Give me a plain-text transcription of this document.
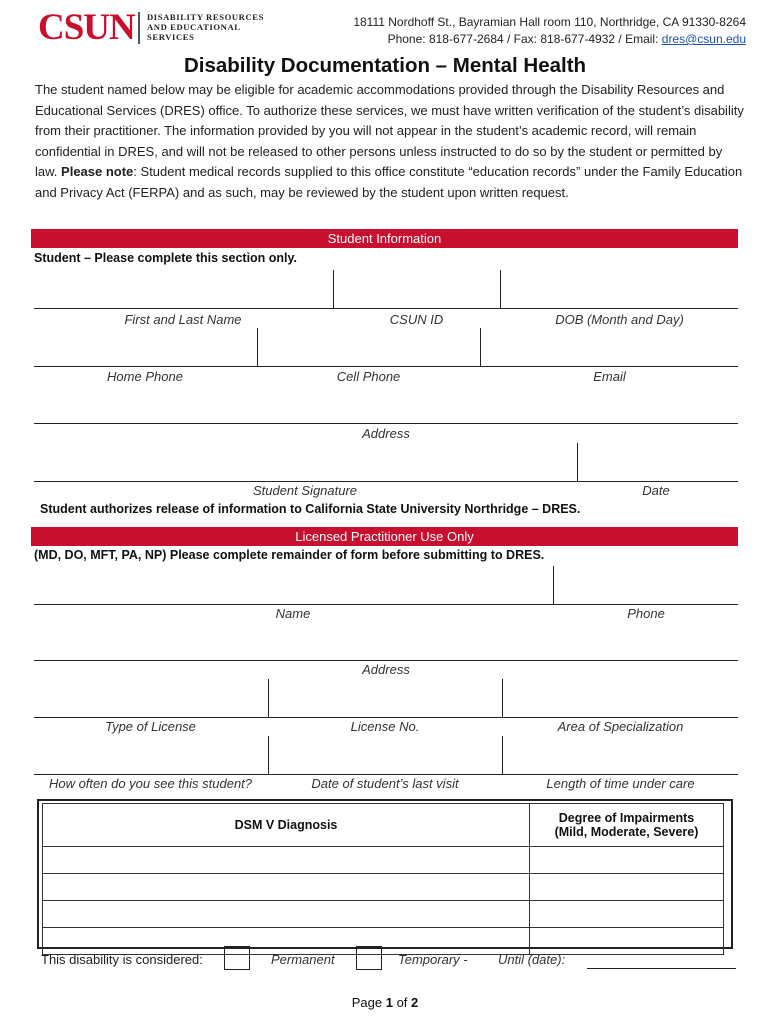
CSUN DISABILITY RESOURCES
AND EDUCATIONAL
SERVICES
18111 Nordhoff St., Bayramian Hall room 110, Northridge, CA 91330-8264
Phone: 818-677-2684 / Fax: 818-677-4932 / Email: dres@csun.edu
Disability Documentation – Mental Health
The student named below may be eligible for academic accommodations provided through the Disability Resources and Educational Services (DRES) office. To authorize these services, we must have written verification of the student’s disability from their practitioner. The information provided by you will not appear in the student’s academic record, will remain confidential in DRES, and will not be released to other persons unless instructed to do so by the student or permitted by law. Please note: Student medical records supplied to this office constitute “education records” under the Family Education and Privacy Act (FERPA) and as such, may be reviewed by the student upon written request.
Student Information
Student – Please complete this section only.
First and Last Name	CSUN ID	DOB (Month and Day)
Home Phone	Cell Phone	Email
Address
Student Signature	Date
Student authorizes release of information to California State University Northridge – DRES.
Licensed Practitioner Use Only
(MD, DO, MFT, PA, NP) Please complete remainder of form before submitting to DRES.
Name	Phone
Address
Type of License	License No.	Area of Specialization
How often do you see this student?	Date of student’s last visit	Length of time under care
DSM V Diagnosis	Degree of Impairments
(Mild, Moderate, Severe)

This disability is considered:	Permanent	Temporary - Until (date):
Page 1 of 2
